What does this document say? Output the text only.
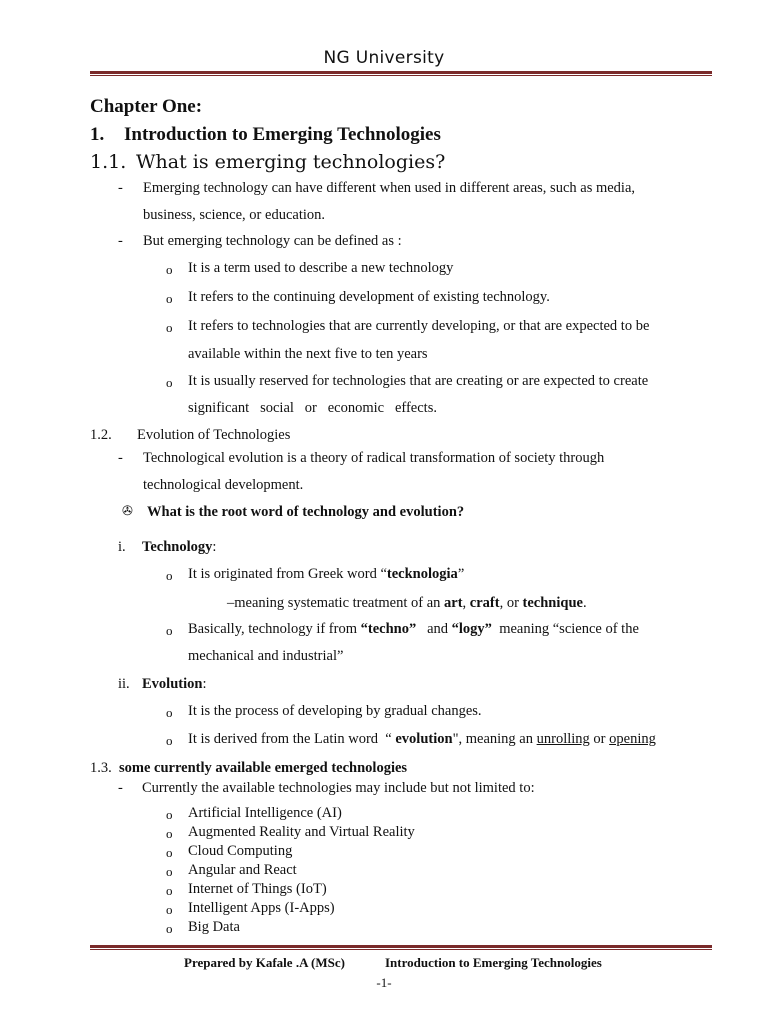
NG University
Chapter One:
1. Introduction to Emerging Technologies
1.1. What is emerging technologies?
- Emerging technology can have different when used in different areas, such as media,
business, science, or education.
- But emerging technology can be defined as :
o It is a term used to describe a new technology
o It refers to the continuing development of existing technology.
o It refers to technologies that are currently developing, or that are expected to be
available within the next five to ten years
o It is usually reserved for technologies that are creating or are expected to create
significant   social   or   economic   effects.
1.2. Evolution of Technologies
- Technological evolution is a theory of radical transformation of society through
technological development.
✇ What is the root word of technology and evolution?
i. Technology:
o It is originated from Greek word “tecknologia”
–meaning systematic treatment of an art, craft, or technique.
o Basically, technology if from “techno”   and “logy”  meaning “science of the
mechanical and industrial”
ii. Evolution:
o It is the process of developing by gradual changes.
o It is derived from the Latin word  “ evolution", meaning an unrolling or opening
1.3. some currently available emerged technologies
- Currently the available technologies may include but not limited to:
o Artificial Intelligence (AI)
o Augmented Reality and Virtual Reality
o Cloud Computing
o Angular and React
o Internet of Things (IoT)
o Intelligent Apps (I-Apps)
o Big Data
Prepared by Kafale .A (MSc)	Introduction to Emerging Technologies
-1-
